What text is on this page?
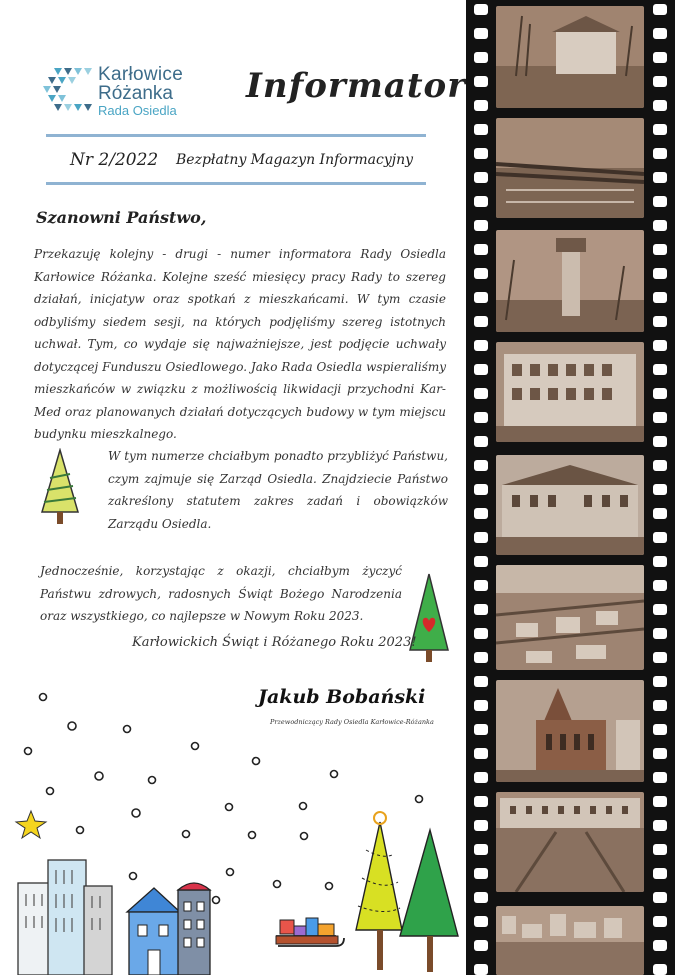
Karłowice
Różanka
Rada Osiedla
Informator
Nr 2/2022 Bezpłatny Magazyn Informacyjny
Szanowni Państwo,
Przekazuję kolejny - drugi - numer informatora Rady Osiedla Karłowice Różanka. Kolejne sześć miesięcy pracy Rady to szereg działań, inicjatyw oraz spotkań z mieszkańcami. W tym czasie odbyliśmy siedem sesji, na których podjęliśmy szereg istotnych uchwał. Tym, co wydaje się najważniejsze, jest podjęcie uchwały dotyczącej Funduszu Osiedlowego. Jako Rada Osiedla wspieraliśmy mieszkańców w związku z możliwością likwidacji przychodni Kar-Med oraz planowanych działań dotyczących budowy w tym miejscu budynku mieszkalnego.
W tym numerze chciałbym ponadto przybliżyć Państwu, czym zajmuje się Zarząd Osiedla. Znajdziecie Państwo zakreślony statutem zakres zadań i obowiązków Zarządu Osiedla.
Jednocześnie, korzystając z okazji, chciałbym życzyć Państwu zdrowych, radosnych Świąt Bożego Narodzenia oraz wszystkiego, co najlepsze w Nowym Roku 2023.
Karłowickich Świąt i Różanego Roku 2023!
Jakub Bobański
Przewodniczący Rady Osiedla Karłowice-Różanka
